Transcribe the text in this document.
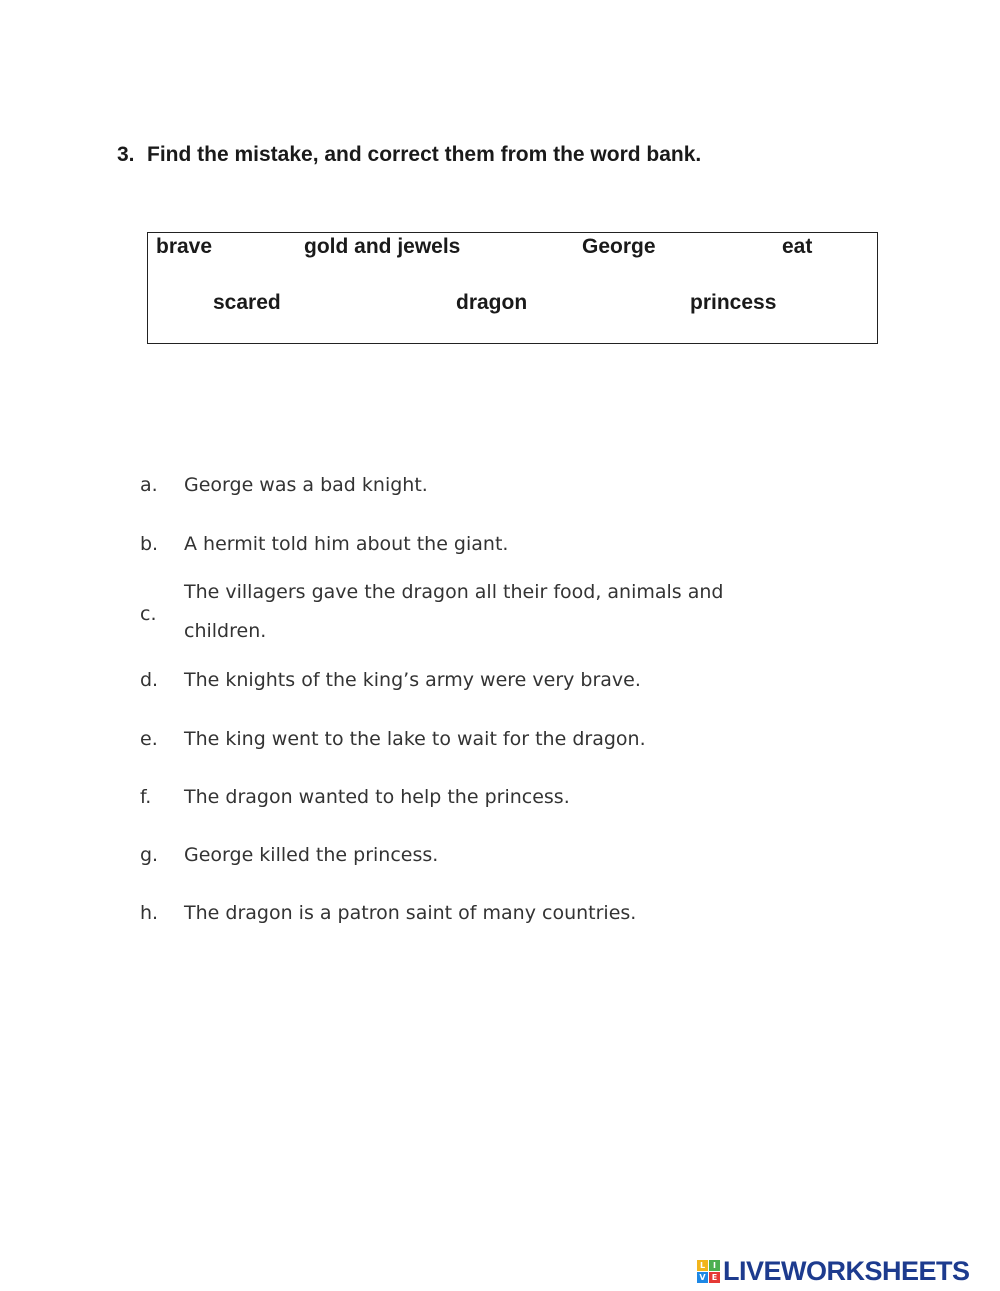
3. Find the mistake, and correct them from the word bank.
brave	gold and jewels	George	eat
scared	dragon	princess
a.	George was a bad knight.
b.	A hermit told him about the giant.
c.
The villagers gave the dragon all their food, animals and
children.
d.	The knights of the king’s army were very brave.
e.	The king went to the lake to wait for the dragon.
f.	The dragon wanted to help the princess.
g.	George killed the princess.
h.	The dragon is a patron saint of many countries.
L I
V E LIVEWORKSHEETS
